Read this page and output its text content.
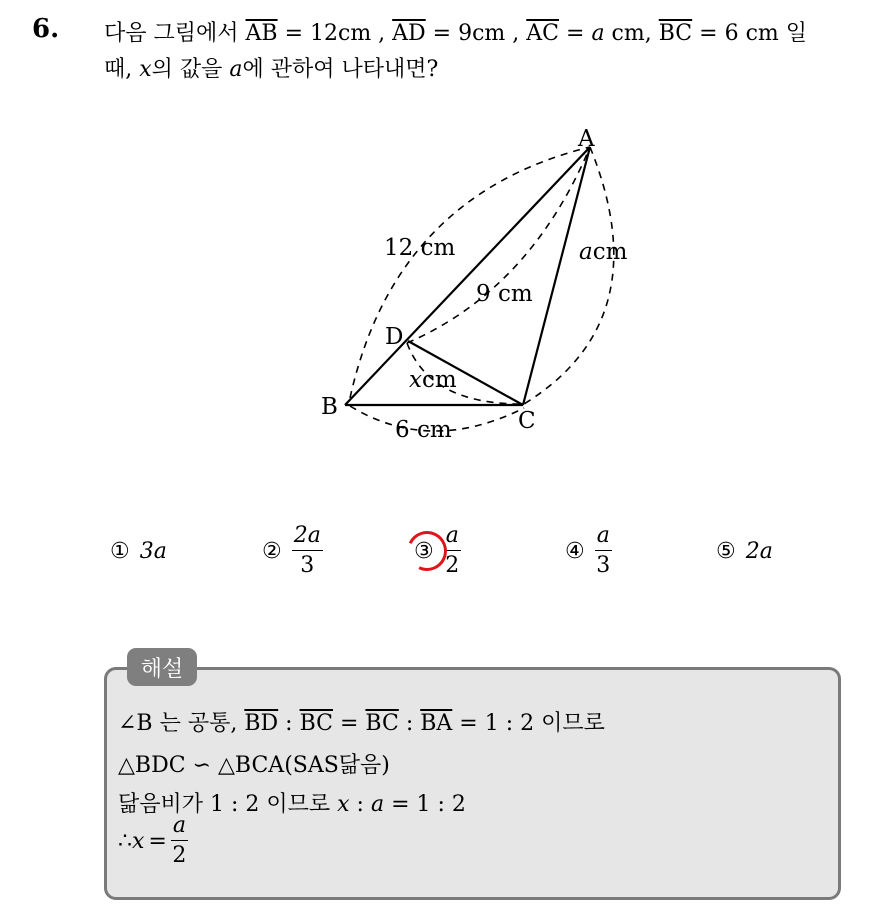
6. 다음 그림에서 $\overline{AB} = 12cm$ , $\overline{AD} = 9cm$ , $\overline{AC} = a$ cm, $\overline{BC} = 6$ cm 일
때, x의 값을 a에 관하여 나타내면?
A
B
C
D
12 cm
9 cm
acm
xcm
6 cm
① 3a	② $\frac{2a}{3}$	③ $\frac{a}{2}$	④ $\frac{a}{3}$	⑤ 2a
해설
∠B 는 공통, $\overline{BD}$ : $\overline{BC} = \overline{BC}$ : $\overline{BA} = 1$ : 2 이므로
△BDC ∽ △BCA(SAS닮음)
닮음비가 1 : 2 이므로 x : a = 1 : 2
∴ $x = \frac{a}{2}$
